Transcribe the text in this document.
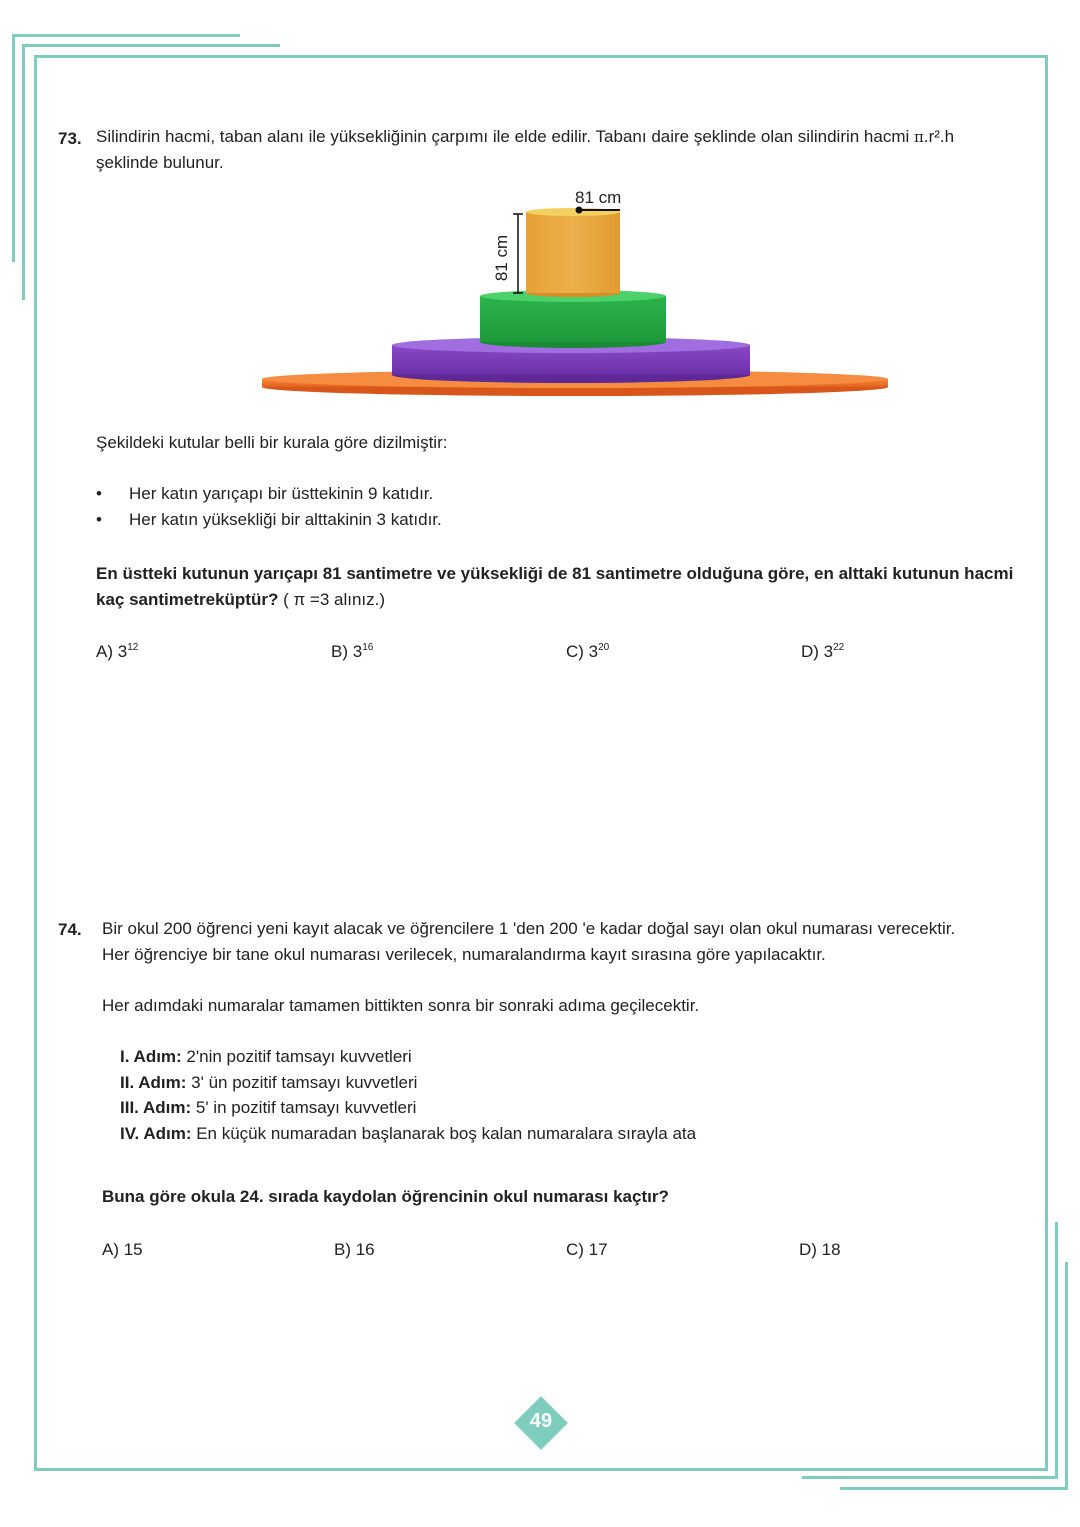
73. Silindirin hacmi, taban alanı ile yüksekliğinin çarpımı ile elde edilir. Tabanı daire şeklinde olan silindirin hacmi π.r².h
şeklinde bulunur.
81 cm
81 cm
Şekildeki kutular belli bir kurala göre dizilmiştir:
• Her katın yarıçapı bir üsttekinin 9 katıdır.
• Her katın yüksekliği bir alttakinin 3 katıdır.
En üstteki kutunun yarıçapı 81 santimetre ve yüksekliği de 81 santimetre olduğuna göre, en alttaki kutunun hacmi kaç santimetreküptür? ( π =3 alınız.)
A) $3^{12}$	B) $3^{16}$	C) $3^{20}$	D) $3^{22}$
74. Bir okul 200 öğrenci yeni kayıt alacak ve öğrencilere 1 'den 200 'e kadar doğal sayı olan okul numarası verecektir.
Her öğrenciye bir tane okul numarası verilecek, numaralandırma kayıt sırasına göre yapılacaktır.
Her adımdaki numaralar tamamen bittikten sonra bir sonraki adıma geçilecektir.
I. Adım: 2'nin pozitif tamsayı kuvvetleri
II. Adım: 3' ün pozitif tamsayı kuvvetleri
III. Adım: 5' in pozitif tamsayı kuvvetleri
IV. Adım: En küçük numaradan başlanarak boş kalan numaralara sırayla ata
Buna göre okula 24. sırada kaydolan öğrencinin okul numarası kaçtır?
A) 15	B) 16	C) 17	D) 18
49
